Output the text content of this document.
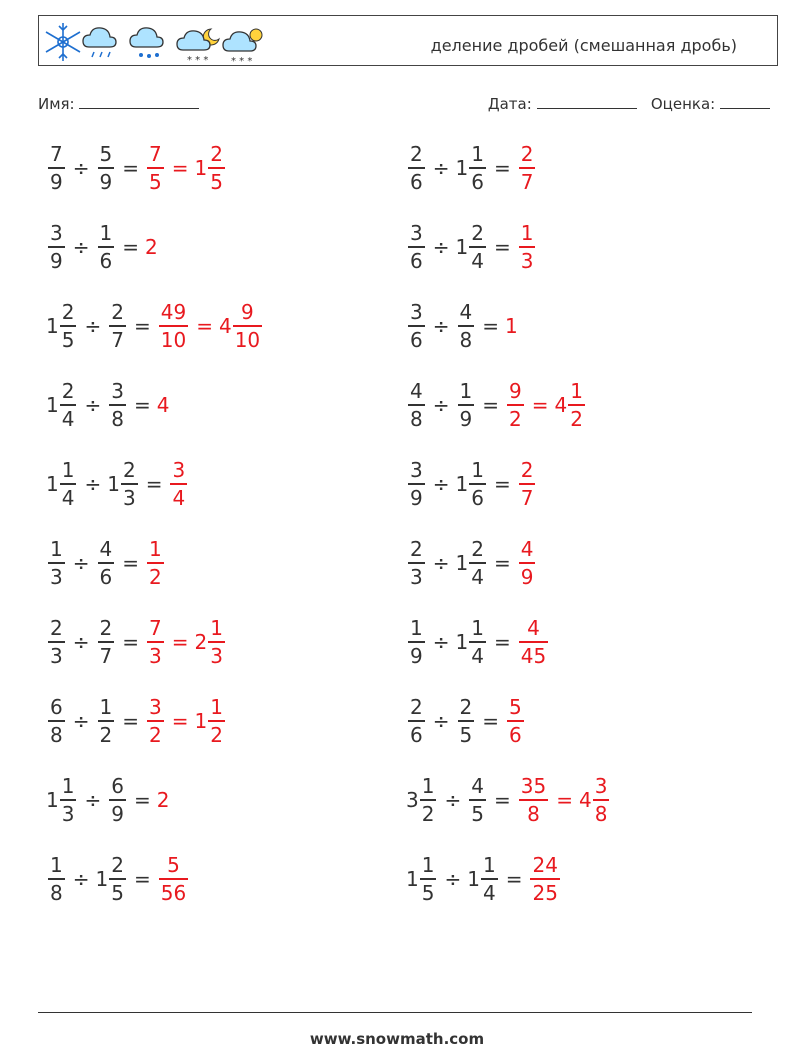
* * * * * *
деление дробей (смешанная дробь)
Имя:	Дата:	Оценка:
$\frac{7}{9} \div \frac{5}{9} = \frac{7}{5} = 1 \frac{2}{5}$	$\frac{2}{6} \div 1 \frac{1}{6} = \frac{2}{7}$
$\frac{3}{9} \div \frac{1}{6} = 2$	$\frac{3}{6} \div 1 \frac{2}{4} = \frac{1}{3}$
$1 \frac{2}{5} \div \frac{2}{7} = \frac{49}{10} = 4 \frac{9}{10}$	$\frac{3}{6} \div \frac{4}{8} = 1$
$1 \frac{2}{4} \div \frac{3}{8} = 4$	$\frac{4}{8} \div \frac{1}{9} = \frac{9}{2} = 4 \frac{1}{2}$
$1 \frac{1}{4} \div 1 \frac{2}{3} = \frac{3}{4}$	$\frac{3}{9} \div 1 \frac{1}{6} = \frac{2}{7}$
$\frac{1}{3} \div \frac{4}{6} = \frac{1}{2}$	$\frac{2}{3} \div 1 \frac{2}{4} = \frac{4}{9}$
$\frac{2}{3} \div \frac{2}{7} = \frac{7}{3} = 2 \frac{1}{3}$	$\frac{1}{9} \div 1 \frac{1}{4} = \frac{4}{45}$
$\frac{6}{8} \div \frac{1}{2} = \frac{3}{2} = 1 \frac{1}{2}$	$\frac{2}{6} \div \frac{2}{5} = \frac{5}{6}$
$1 \frac{1}{3} \div \frac{6}{9} = 2$	$3 \frac{1}{2} \div \frac{4}{5} = \frac{35}{8} = 4 \frac{3}{8}$
$\frac{1}{8} \div 1 \frac{2}{5} = \frac{5}{56}$	$1 \frac{1}{5} \div 1 \frac{1}{4} = \frac{24}{25}$
www.snowmath.com
